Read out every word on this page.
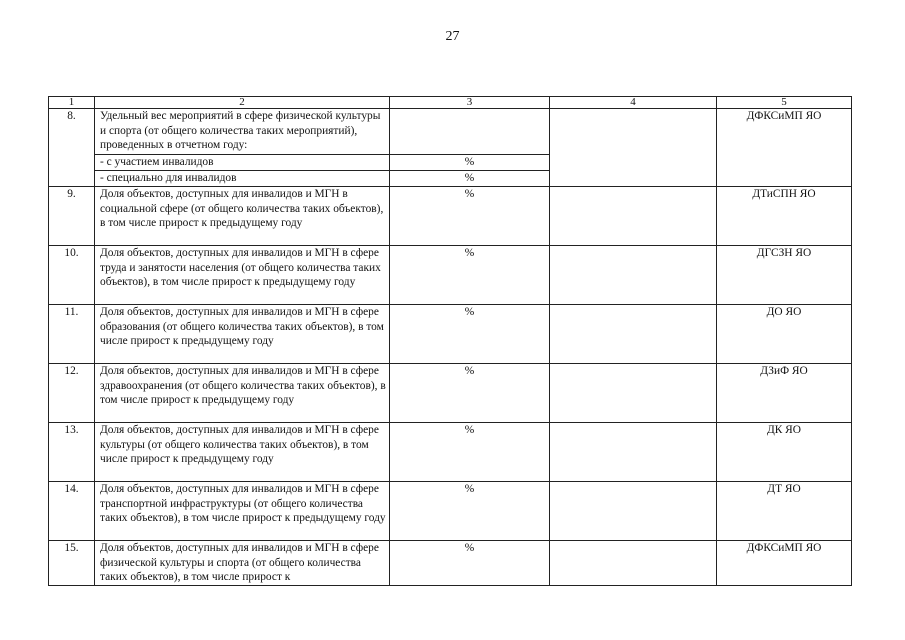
27
1	2	3	4	5
8.	Удельный вес мероприятий в сфере физической культуры и спорта (от общего количества таких мероприятий), проведенных в отчетном году:			ДФКСиМП ЯО
	- с участием инвалидов	%		
	- специально для инвалидов	%		
9.	Доля объектов, доступных для инвалидов и МГН в социальной сфере (от общего количества таких объектов), в том числе прирост к предыдущему году	%		ДТиСПН ЯО
10.	Доля объектов, доступных для инвалидов и МГН в сфере труда и занятости населения (от общего количества таких объектов), в том числе прирост к предыдущему году	%		ДГСЗН ЯО
11.	Доля объектов, доступных для инвалидов и МГН в сфере образования (от общего количества таких объектов), в том числе прирост к предыдущему году	%		ДО ЯО
12.	Доля объектов, доступных для инвалидов и МГН в сфере здравоохранения (от общего количества таких объектов), в том числе прирост к предыдущему году	%		ДЗиФ ЯО
13.	Доля объектов, доступных для инвалидов и МГН в сфере культуры (от общего количества таких объектов), в том числе прирост к предыдущему году	%		ДК ЯО
14.	Доля объектов, доступных для инвалидов и МГН в сфере транспортной инфраструктуры (от общего количества таких объектов), в том числе прирост к предыдущему году	%		ДТ ЯО
15.	Доля объектов, доступных для инвалидов и МГН в сфере физической культуры и спорта (от общего количества таких объектов), в том числе прирост к	%		ДФКСиМП ЯО
